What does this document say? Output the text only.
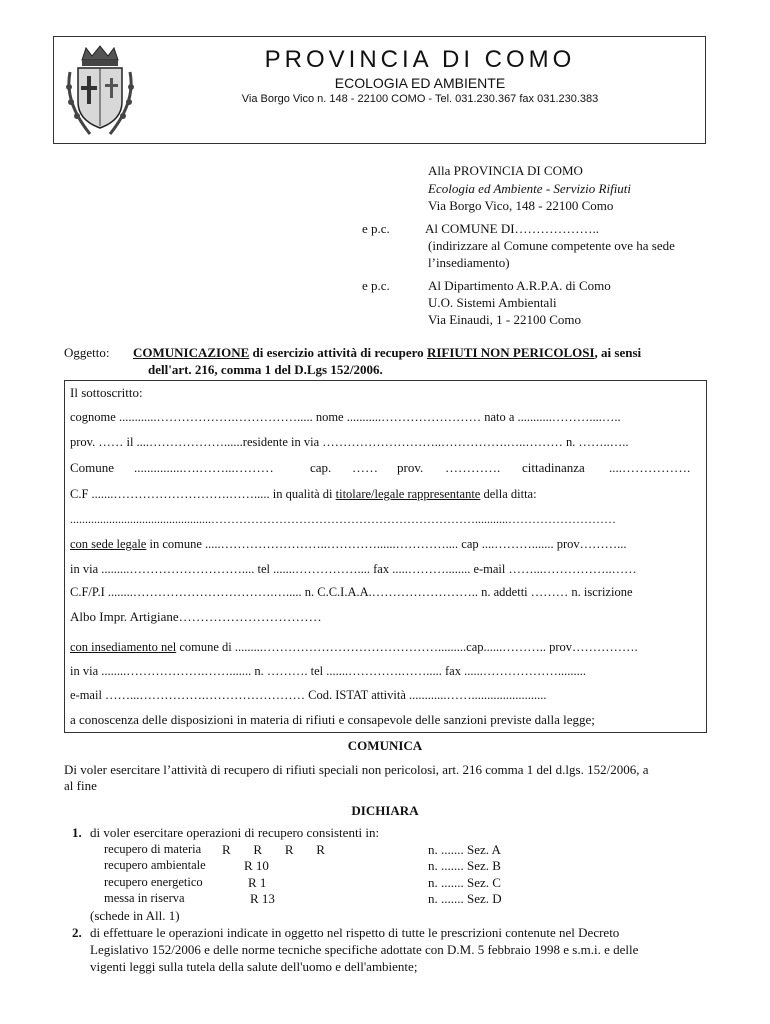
PROVINCIA DI COMO
ECOLOGIA ED AMBIENTE
Via Borgo Vico n. 148 - 22100 COMO - Tel. 031.230.367 fax 031.230.383
Alla PROVINCIA DI COMO
Ecologia ed Ambiente - Servizio Rifiuti
Via Borgo Vico, 148 - 22100 Como
e p.c.	Al COMUNE DI………………..
(indirizzare al Comune competente ove ha sede
l’insediamento)
e p.c.	Al Dipartimento A.R.P.A. di Como
U.O. Sistemi Ambientali
Via Einaudi, 1 - 22100 Como
Oggetto: COMUNICAZIONE di esercizio attività di recupero RIFIUTI NON PERICOLOSI, ai sensi
dell'art. 216, comma 1 del D.Lgs 152/2006.
Il sottoscritto:
cognome ............……………….……………..... nome ...........…………………… nato a ...........………....…..
prov. …… il ....………………......residente in via ………………………..…………….…..……… n. ……..…..
Comune ...............….……...………	cap. …… prov. …………. cittadinanza ....…………….
C.F .......……………………….……..... in qualità di titolare/legale rappresentante della ditta:
...............................................…………………………………………………………...........………………………
con sede legale in comune .....……………………..…………......………….... cap ....………....... prov………...
in via .........……………………….... tel .......…………….... fax .....………........ e-mail ……...……………..……
C.F/P.I ........…………………………….…..... n. C.C.I.A.A.…………………….. n. addetti ……… n. iscrizione
Albo Impr. Artigiane……………………………
con insediamento nel comune di .........…………………………………….........cap......……….. prov…………….
in via ........……………….……....... n. ………. tel .......………….……..... fax ......……………….........
e-mail ……...…………….…………………… Cod. ISTAT attività ............……........................
a conoscenza delle disposizioni in materia di rifiuti e consapevole delle sanzioni previste dalla legge;
COMUNICA
Di voler esercitare l’attività di recupero di rifiuti speciali non pericolosi, art. 216 comma 1 del d.lgs. 152/2006, a
al fine
DICHIARA
1. di voler esercitare operazioni di recupero consistenti in:
recupero di materia R       R       R       R	n. ....... Sez. A
recupero ambientale	R 10	n. ....... Sez. B
recupero energetico	R 1	n. ....... Sez. C
messa in riserva	R 13	n. ....... Sez. D
(schede in All. 1)
2. di effettuare le operazioni indicate in oggetto nel rispetto di tutte le prescrizioni contenute nel Decreto
Legislativo 152/2006 e delle norme tecniche specifiche adottate con D.M. 5 febbraio 1998 e s.m.i. e delle
vigenti leggi sulla tutela della salute dell'uomo e dell'ambiente;
